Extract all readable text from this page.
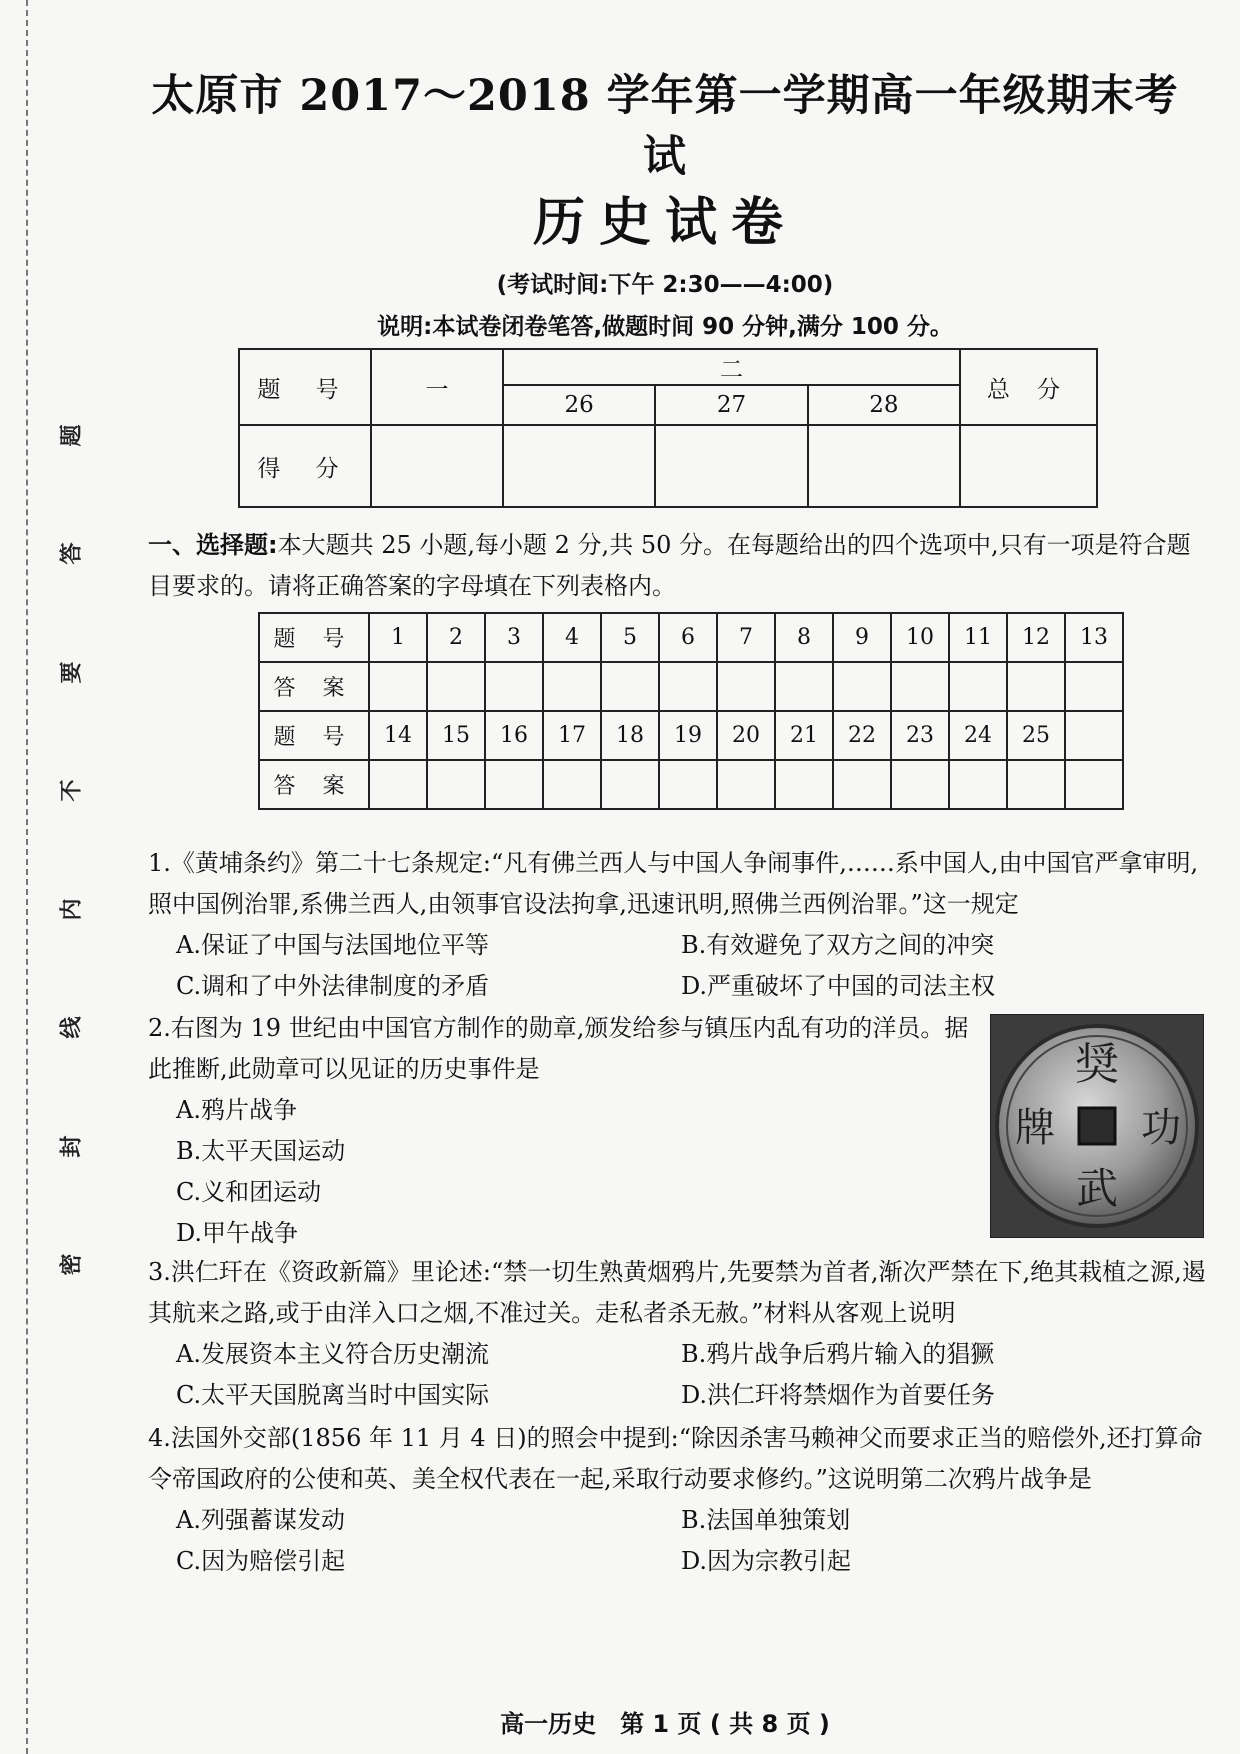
题
答
要
不
内
线
封
密
太原市 2017～2018 学年第一学期高一年级期末考试
历史试卷
(考试时间:下午 2:30——4:00)
说明:本试卷闭卷笔答,做题时间 90 分钟,满分 100 分。
题 号	一	二			总 分
		26	27	28	
得 分					
一、选择题:本大题共 25 小题,每小题 2 分,共 50 分。在每题给出的四个选项中,只有一项是符合题目要求的。请将正确答案的字母填在下列表格内。
题 号	1	2	3	4	5	6	7	8	9	10	11	12	13
答 案													
题 号	14	15	16	17	18	19	20	21	22	23	24	25	
答 案													

1.《黄埔条约》第二十七条规定:“凡有佛兰西人与中国人争闹事件,……系中国人,由中国官严拿审明,照中国例治罪,系佛兰西人,由领事官设法拘拿,迅速讯明,照佛兰西例治罪。”这一规定

A.保证了中国与法国地位平等	B.有效避免了双方之间的冲突
C.调和了中外法律制度的矛盾	D.严重破坏了中国的司法主权

2.右图为 19 世纪由中国官方制作的勋章,颁发给参与镇压内乱有功的洋员。据此推断,此勋章可以见证的历史事件是

A.鸦片战争
B.太平天国运动
C.义和团运动
D.甲午战争
奨
功
武
牌

3.洪仁玕在《资政新篇》里论述:“禁一切生熟黄烟鸦片,先要禁为首者,渐次严禁在下,绝其栽植之源,遏其航来之路,或于由洋入口之烟,不准过关。走私者杀无赦。”材料从客观上说明

A.发展资本主义符合历史潮流	B.鸦片战争后鸦片输入的猖獗
C.太平天国脱离当时中国实际	D.洪仁玕将禁烟作为首要任务

4.法国外交部(1856 年 11 月 4 日)的照会中提到:“除因杀害马赖神父而要求正当的赔偿外,还打算命令帝国政府的公使和英、美全权代表在一起,采取行动要求修约。”这说明第二次鸦片战争是

A.列强蓄谋发动	B.法国单独策划
C.因为赔偿引起	D.因为宗教引起
高一历史　第 1 页 ( 共 8 页 )
